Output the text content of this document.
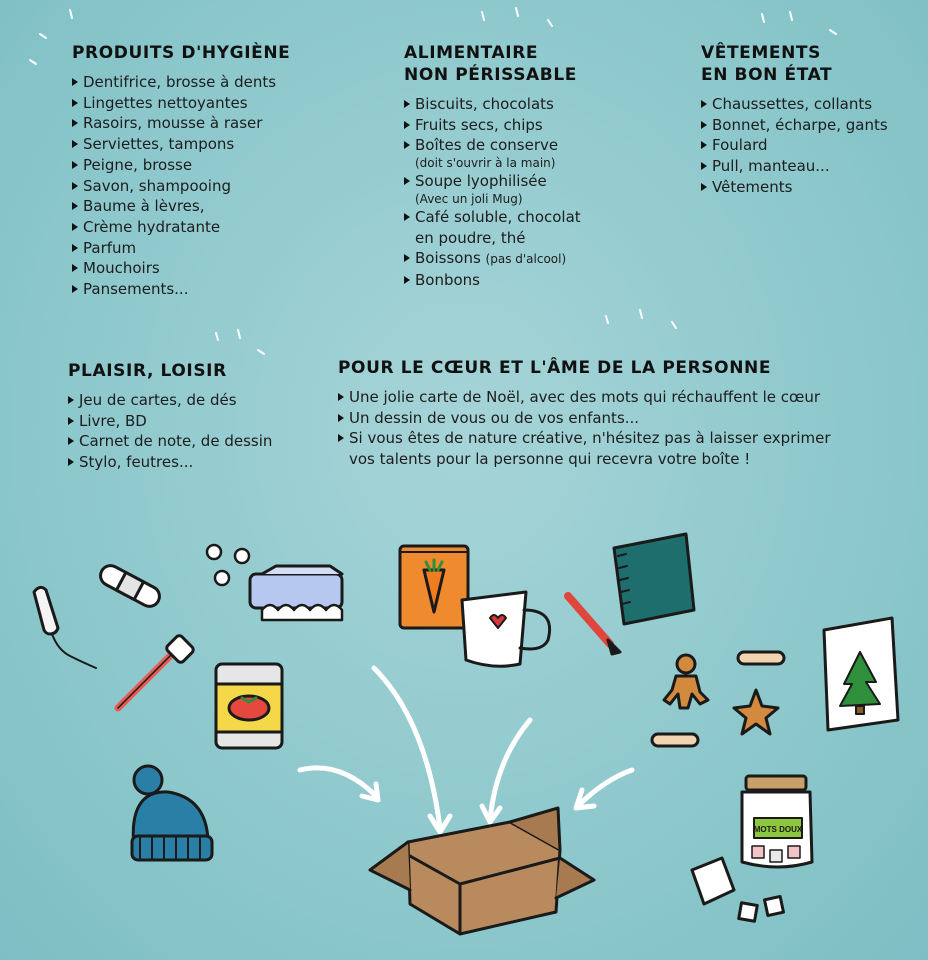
PRODUITS D'HYGIÈNE
Dentifrice, brosse à dents
Lingettes nettoyantes
Rasoirs, mousse à raser
Serviettes, tampons
Peigne, brosse
Savon, shampooing
Baume à lèvres,
Crème hydratante
Parfum
Mouchoirs
Pansements...
ALIMENTAIRE
NON PÉRISSABLE
Biscuits, chocolats
Fruits secs, chips
Boîtes de conserve
(doit s'ouvrir à la main)
Soupe lyophilisée
(Avec un joli Mug)
Café soluble, chocolat
en poudre, thé
Boissons (pas d'alcool)
Bonbons
VÊTEMENTS
EN BON ÉTAT
Chaussettes, collants
Bonnet, écharpe, gants
Foulard
Pull, manteau...
Vêtements
PLAISIR, LOISIR
Jeu de cartes, de dés
Livre, BD
Carnet de note, de dessin
Stylo, feutres...
POUR LE CŒUR ET L'ÂME DE LA PERSONNE
Une jolie carte de Noël, avec des mots qui réchauffent le cœur
Un dessin de vous ou de vos enfants...
Si vous êtes de nature créative, n'hésitez pas à laisser exprimer
vos talents pour la personne qui recevra votre boîte !
MOTS DOUX
